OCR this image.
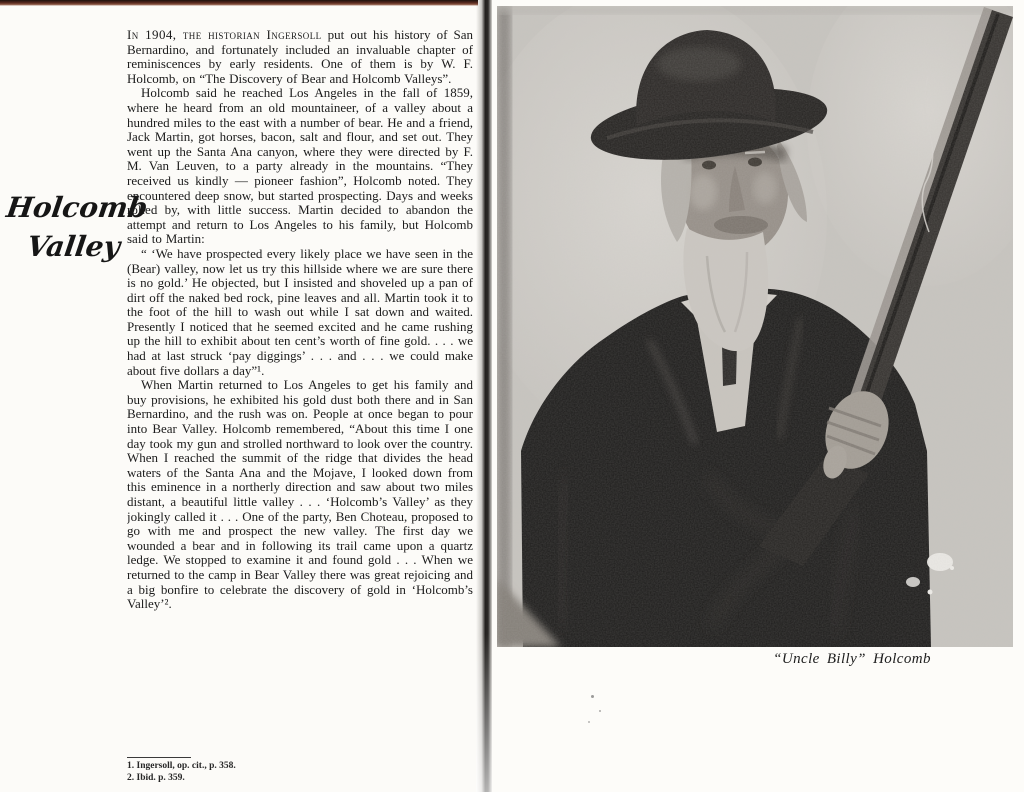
Holcomb
Valley

In 1904, the historian Ingersoll put out his history of San Bernardino, and fortunately included an invaluable chapter of reminiscences by early residents. One of them is by W. F. Holcomb, on “The Discovery of Bear and Holcomb Valleys”.

Holcomb said he reached Los Angeles in the fall of 1859, where he heard from an old mountaineer, of a valley about a hundred miles to the east with a number of bear. He and a friend, Jack Martin, got horses, bacon, salt and flour, and set out. They went up the Santa Ana canyon, where they were directed by F. M. Van Leuven, to a party already in the mountains. “They received us kindly — pioneer fashion”, Holcomb noted. They encountered deep snow, but started prospecting. Days and weeks rolled by, with little success. Martin decided to abandon the attempt and return to Los Angeles to his family, but Holcomb said to Martin:

“ ‘We have prospected every likely place we have seen in the (Bear) valley, now let us try this hillside where we are sure there is no gold.’ He objected, but I insisted and shoveled up a pan of dirt off the naked bed rock, pine leaves and all. Martin took it to the foot of the hill to wash out while I sat down and waited. Presently I noticed that he seemed excited and he came rushing up the hill to exhibit about ten cent’s worth of fine gold. . . . we had at last struck ‘pay diggings’ . . . and . . . we could make about five dollars a day”¹.

When Martin returned to Los Angeles to get his family and buy provisions, he exhibited his gold dust both there and in San Bernardino, and the rush was on. People at once began to pour into Bear Valley. Holcomb remembered, “About this time I one day took my gun and strolled northward to look over the country. When I reached the summit of the ridge that divides the head waters of the Santa Ana and the Mojave, I looked down from this eminence in a northerly direction and saw about two miles distant, a beautiful little valley . . . ‘Holcomb’s Valley’ as they jokingly called it . . . One of the party, Ben Choteau, proposed to go with me and prospect the new valley. The first day we wounded a bear and in following its trail came upon a quartz ledge. We stopped to examine it and found gold . . . When we returned to the camp in Bear Valley there was great rejoicing and a big bonfire to celebrate the discovery of gold in ‘Holcomb’s Valley’².

1. Ingersoll, op. cit., p. 358.
2. Ibid. p. 359.
“Uncle Billy” Holcomb
